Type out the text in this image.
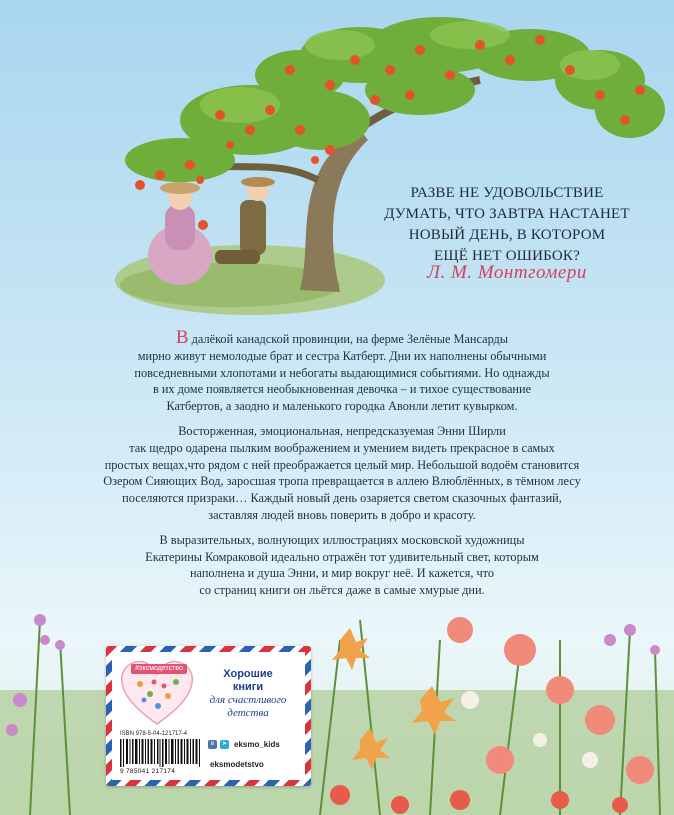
РАЗВЕ НЕ УДОВОЛЬСТВИЕ
ДУМАТЬ, ЧТО ЗАВТРА НАСТАНЕТ
НОВЫЙ ДЕНЬ, В КОТОРОМ
ЕЩЁ НЕТ ОШИБОК?
Л. М. Монтгомери

В далёкой канадской провинции, на ферме Зелёные Мансарды
мирно живут немолодые брат и сестра Катберт. Дни их наполнены обычными
повседневными хлопотами и небогаты выдающимися событиями. Но однажды
в их доме появляется необыкновенная девочка – и тихое существование
Катбертов, а заодно и маленького городка Авонли летит кувырком.

Восторженная, эмоциональная, непредсказуемая Энни Ширли
так щедро одарена пылким воображением и умением видеть прекрасное в самых
простых вещах,что рядом с ней преображается целый мир. Небольшой водоём становится
Озером Сияющих Вод, заросшая тропа превращается в аллею Влюблённых, в тёмном лесу
поселяются призраки… Каждый новый день озаряется светом сказочных фантазий,
заставляя людей вновь поверить в добро и красоту.

В выразительных, волнующих иллюстрациях московской художницы
Екатерины Комраковой идеально отражён тот удивительный свет, которым
наполнена и душа Энни, и мир вокруг неё. И кажется, что
со страниц книги он льётся даже в самые хмурые дни.

#эксмодетство	Хорошие
книги
для счастливого
детства
ISBN 978-5-04-121717-4
9 785041 217174
в	➤ eksmo_kids
eksmodetstvo
